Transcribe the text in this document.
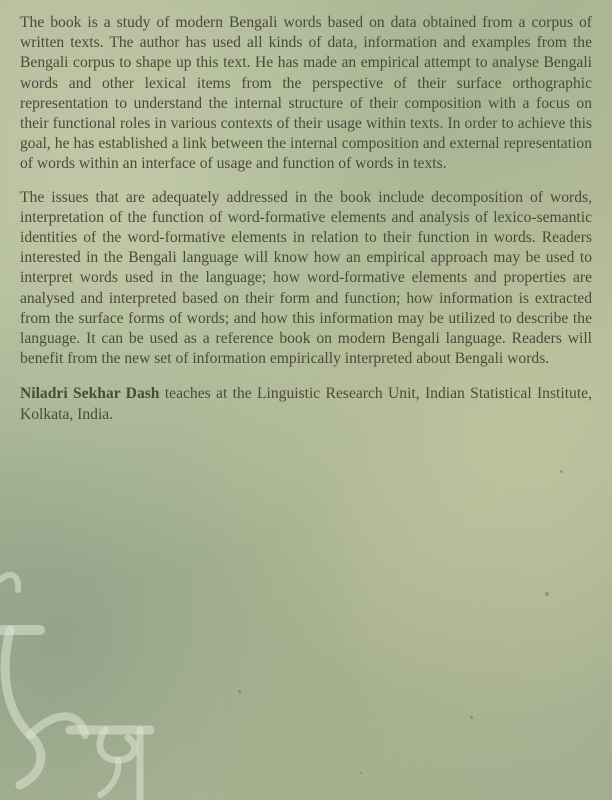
The book is a study of modern Bengali words based on data obtained from a corpus of written texts. The author has used all kinds of data, information and examples from the Bengali corpus to shape up this text. He has made an empirical attempt to analyse Bengali words and other lexical items from the perspective of their surface orthographic representation to understand the internal structure of their composition with a focus on their functional roles in various contexts of their usage within texts. In order to achieve this goal, he has established a link between the internal composition and external representation of words within an interface of usage and function of words in texts.

The issues that are adequately addressed in the book include decomposition of words, interpretation of the function of word-formative elements and analysis of lexico-semantic identities of the word-formative elements in relation to their function in words. Readers interested in the Bengali language will know how an empirical approach may be used to interpret words used in the language; how word-formative elements and properties are analysed and interpreted based on their form and function; how information is extracted from the surface forms of words; and how this information may be utilized to describe the language. It can be used as a reference book on modern Bengali language. Readers will benefit from the new set of information empirically interpreted about Bengali words.

Niladri Sekhar Dash teaches at the Linguistic Research Unit, Indian Statistical Institute, Kolkata, India.
